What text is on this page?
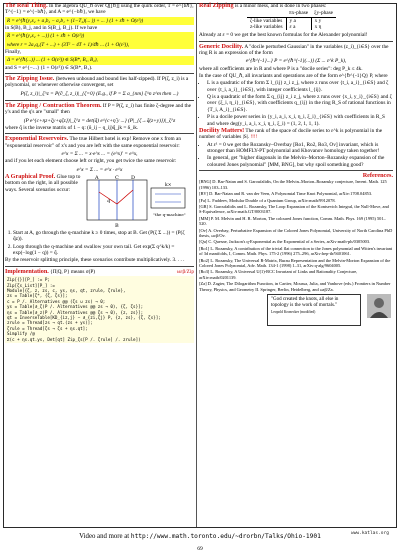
The Real Thing. In the algebra QU_ℏ over Q[[ℏ]] using the quirk order, T = e^{bℏ}, T^{−1} = e^{−bℏ}, and A = e^{−bℏ}, we have

R = e^{ℏ(y₁x₂ + a₁b₂ − a₂b₁ + (1−T₂)(... )) + ... } (1 + εℏ + O(ε²))

in S(B), B_j, and in S(B_j, B_j). If we have

R = e^{ℏ(y₁x₂ + ...)} (1 + εℏ + O(ε²))
where r = 2a₁q₁(T + ...) + (3T² − 4T + 1)/4ℏ ... (1 + O(ε²)),

Finally,

Δ = e^{ℏ(...)} ... (1 + O(ε²)) ∈ S(B*, B₁, B₂),

and S = e^{−...} (1 + O(ε²)) ∈ S(B*, B₁).

The Zipping Issue. (between unbound and bound lies half-zipped). If P(ζ, z_i) is a polynomial, or whenever otherwise convergent, set

P(ζ, z_i)|_ζ^z = P(∂_ζ, z_i)|_{ζ=0} (E.g., if P = Σ a_{nm} ζ^n z^m then ...)

The Zipping / Contraction Theorem. If P = P(ζ, z_i) has finite ζ-degree and the y's and the q's are "small" then

(P e^{c+ηz+ζy+qζz})|_ζ^z = det(q̃) e^{c+η̃ y ...} (P|_{ζ→q̃(z+y)})|_ζ^z

where q̃ is the inverse matrix of 1 − q: (δ_ij − q_ij)q̃_jk = δ_ik.

Exponential Reservoirs. The true Hilbert hotel is exp! Remove one x from an "exponential reservoir" of x's and you are left with the same exponential reservoir:

e^x = Σ ... = x·e^x ... = (e^x)' = e^x,

and if you let each element choose left or right, you get twice the same reservoir:

e^x = Σ ... = e^x · e^x
A Graphical Proof. Glue top to bottom on the right, in all possible ways. Several scenarios occur:
A	C D
q
B
k×
"the q-machine"
1. Start at A, go through the q-machine k ≥ 0 times, stop at B. Get (P(ζ Σ ...)) = (P(ζ q̃z)).
2. Loop through the q-machine and swallow your own tail. Get exp(Σ q^k/k) = exp(−log(1 − q)) = q̃.

By the reservoir splitting principle, these scenarios contribute multiplicatively. 3. . . .

Implementation. {Π|Q, P} means σ(P)	ωεβ/Zip

Zip[{}][P_] := P;
Zip[ζs_List][P_] :=
Module[{ζ, z, zs, c, ys, ηs, qt, zrule, ζrule},
zs = Table[ζ*, {ζ, ζs}];
c = P /. Alternatives @@ (ζs ∪ zs) → 0;
ys = Table[∂_ζ(P /. Alternatives @@ zs → 0), {ζ, ζs}];
ηs = Table[∂_z(P /. Alternatives @@ ζs → 0), {z, zs}];
qt = InverseTable[KD_{iz,j} − ∂_{zi,ζj} P, {z, zs}, {ζ, ζs}];
zrule = Thread[zs → qt.(zs + ys)];
ζrule = Thread[ζs → ζs + ηs.qt];
Simplify /@
Σ(c + ηs.qt.ys, Det[qt] Zip_ζs[P /. ζrule] /. zrule])

Real Zipping is a minor mess, and is done in two phases:

	πx-phase	ξy-phase
ζ-like variables	y a	x y
z-like variables	ε a	x η

Already at ε = 0 we get the best known formulas for the Alexander polynomial!

Generic Docility. A "docile perturbed Gaussian" in the variables (z_i)_{i∈S} over the ring R is an expression of the form

e^{ℏ^{-1}...} P = e^{ℏ^{-1}(...)} (Σ ... ε^k P_k),

where all coefficients are in R and where P is a "docile series": deg P_k ≤ 4k.

In the case of QU_ℏ, all invariants and operations are of the form e^{ℏ^{-1}Q} P, where

• L is a quadratic of the form Σ l_{ij} z_i z_j, where z runs over {t_i, a_i}_{i∈S} and ζ over {t_i, a_i}_{i∈S}, with integer coefficients l_{ij}.
• Q is a quadratic of the form Σ q_{ij} z_i z_j, where z runs over {x_i, y_i}_{i∈S} and ζ over {ξ_i, η_i}_{i∈S}, with coefficients q_{ij} in the ring R_S of rational functions in {T_i, A_i}_{i∈S}.
• P is a docile power series in {y_i, a_i, x_i, η_i, ξ_i}_{i∈S} with coefficients in R_S and where deg(y_i, a_i, x_i, η_i, ξ_i) = (1, 2, 1, 1, 1).

Docility Matters! The rank of the space of docile series to ε^k is polynomial in the number of variables |S|. !!!!

• At ε¹ = 0 we get the Rozansky–Overbay [Ro1, Ro2, Ro3, Ov] invariant, which is stronger than HOMFLY-PT polynomial and Khovanov homology taken together!
• In general, get "higher diagonals in the Melvin–Morton–Rozansky expansion of the coloured Jones polynomial" [MM, BNG], but why spoil something good?

References.

[BNG] D. Bar-Natan and S. Garoufalidis, On the Melvin–Morton–Rozansky conjecture, Invent. Math. 125 (1996) 103–133.

[BV] D. Bar-Natan and R. van der Veen, A Polynomial Time Knot Polynomial, arXiv:1708.04853.

[Fa] L. Faddeev, Modular Double of a Quantum Group, arXiv:math/9912078.

[GR] S. Garoufalidis and L. Rozansky, The Loop Expansion of the Kontsevich Integral, the Null-Move, and S-Equivalence, arXiv:math.GT/0003187.

[MM] P. M. Melvin and H. R. Morton, The coloured Jones function, Comm. Math. Phys. 169 (1995) 501–520.

[Ov] A. Overbay, Perturbative Expansion of the Colored Jones Polynomial, University of North Carolina PhD thesis, ωεβ/Ov.

[Qu] C. Quesne, Jackson's q-Exponential as the Exponential of a Series, arXiv:math-ph/0305003.

[Ro1] L. Rozansky, A contribution of the trivial flat connection to the Jones polynomial and Witten's invariant of 3d manifolds, I, Comm. Math. Phys. 175-2 (1996) 275–296, arXiv:hep-th/9401061.

[Ro2] L. Rozansky, The Universal R-Matrix, Burau Representation and the Melvin-Morton Expansion of the Colored Jones Polynomial, Adv. Math. 134-1 (1998) 1–31, arXiv:q-alg/9604005.

[Ro3] L. Rozansky, A Universal U(1)-RCC Invariant of Links and Rationality Conjecture, arXiv:math/0201139.

[Za] D. Zagier, The Dilogarithm Function, in Cartier, Moussa, Julia, and Vanhove (eds.) Frontiers in Number Theory, Physics, and Geometry II. Springer, Berlin, Heidelberg, and ωεβ/Za.

"God created the knots, all else in topology is the work of mortals."
Leopold Kronecker (modified)
www.katlas.org
Video and more at http://www.math.toronto.edu/~drorbn/Talks/Ohio-1901
69
